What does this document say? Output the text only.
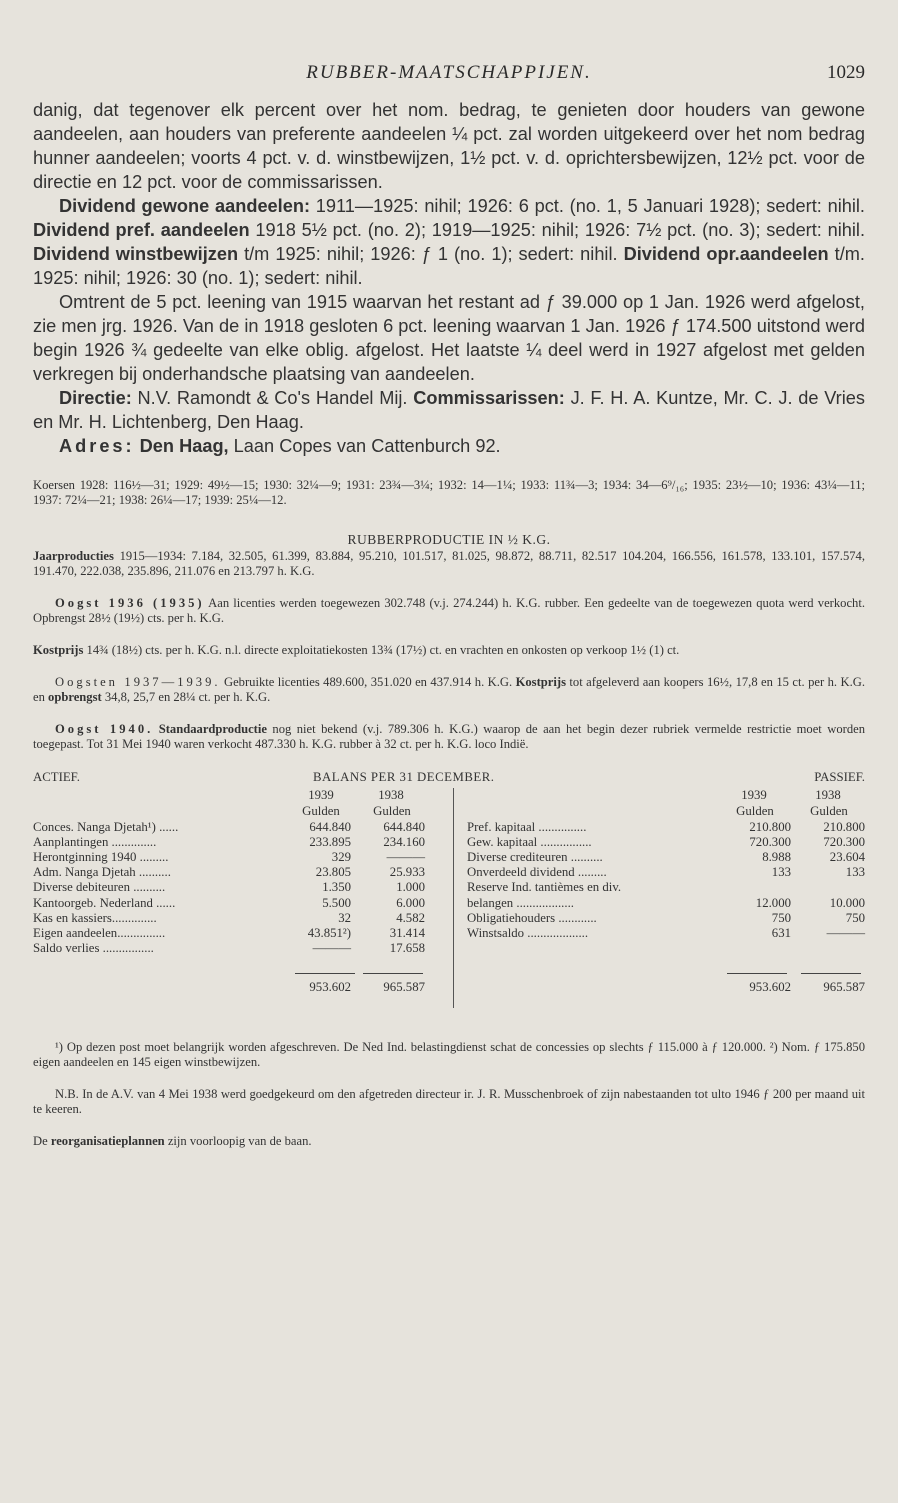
RUBBER-MAATSCHAPPIJEN.	1029

danig, dat tegenover elk percent over het nom. bedrag, te genieten door houders van gewone aandeelen, aan houders van preferente aandeelen ¼ pct. zal worden uitgekeerd over het nom bedrag hunner aandeelen; voorts 4 pct. v. d. winstbewijzen, 1½ pct. v. d. oprichtersbewijzen, 12½ pct. voor de directie en 12 pct. voor de commissarissen.

Dividend gewone aandeelen: 1911—1925: nihil; 1926: 6 pct. (no. 1, 5 Januari 1928); sedert: nihil. Dividend pref. aandeelen 1918 5½ pct. (no. 2); 1919—1925: nihil; 1926: 7½ pct. (no. 3); sedert: nihil. Dividend winstbewijzen t/m 1925: nihil; 1926: ƒ 1 (no. 1); sedert: nihil. Dividend opr.aandeelen t/m. 1925: nihil; 1926: 30 (no. 1); sedert: nihil.

Omtrent de 5 pct. leening van 1915 waarvan het restant ad ƒ 39.000 op 1 Jan. 1926 werd afgelost, zie men jrg. 1926. Van de in 1918 gesloten 6 pct. leening waarvan 1 Jan. 1926 ƒ 174.500 uitstond werd begin 1926 ¾ gedeelte van elke oblig. afgelost. Het laatste ¼ deel werd in 1927 afgelost met gelden verkregen bij onderhandsche plaatsing van aandeelen.

Directie: N.V. Ramondt & Co's Handel Mij. Commissarissen: J. F. H. A. Kuntze, Mr. C. J. de Vries en Mr. H. Lichtenberg, Den Haag.

Adres: Den Haag, Laan Copes van Cattenburch 92.

Koersen 1928: 116½—31; 1929: 49½—15; 1930: 32¼—9; 1931: 23¾—3¼; 1932: 14—1¼; 1933: 11¾—3; 1934: 34—6⁹/₁₆; 1935: 23½—10; 1936: 43¼—11; 1937: 72¼—21; 1938: 26¼—17; 1939: 25¼—12.

RUBBERPRODUCTIE IN ½ K.G.

Jaarproducties 1915—1934: 7.184, 32.505, 61.399, 83.884, 95.210, 101.517, 81.025, 98.872, 88.711, 82.517 104.204, 166.556, 161.578, 133.101, 157.574, 191.470, 222.038, 235.896, 211.076 en 213.797 h. K.G.

Oogst 1936 (1935) Aan licenties werden toegewezen 302.748 (v.j. 274.244) h. K.G. rubber. Een gedeelte van de toegewezen quota werd verkocht. Opbrengst 28½ (19½) cts. per h. K.G.

Kostprijs 14¾ (18½) cts. per h. K.G. n.l. directe exploitatiekosten 13¾ (17½) ct. en vrachten en onkosten op verkoop 1½ (1) ct.

Oogsten 1937—1939. Gebruikte licenties 489.600, 351.020 en 437.914 h. K.G. Kostprijs tot afgeleverd aan koopers 16½, 17,8 en 15 ct. per h. K.G. en opbrengst 34,8, 25,7 en 28¼ ct. per h. K.G.

Oogst 1940. Standaardproductie nog niet bekend (v.j. 789.306 h. K.G.) waarop de aan het begin dezer rubriek vermelde restrictie moet worden toegepast. Tot 31 Mei 1940 waren verkocht 487.330 h. K.G. rubber à 32 ct. per h. K.G. loco Indië.

ACTIEF.	BALANS PER 31 DECEMBER.	PASSIEF.
1939	1938
Gulden	Gulden
1939	1938
Gulden	Gulden
Conces. Nanga Djetah¹) ......	644.840	644.840
Aanplantingen ..............	233.895	234.160
Herontginning 1940 .........	329	———
Adm. Nanga Djetah ..........	23.805	25.933
Diverse debiteuren ..........	1.350	1.000
Kantoorgeb. Nederland ......	5.500	6.000
Kas en kassiers..............	32	4.582
Eigen aandeelen...............	43.851²)	31.414
Saldo verlies ................	———	17.658
Pref. kapitaal ...............	210.800	210.800
Gew. kapitaal ................	720.300	720.300
Diverse crediteuren ..........	8.988	23.604
Onverdeeld dividend .........	133	133
Reserve Ind. tantièmes en div.
belangen ..................	12.000	10.000
Obligatiehouders ............	750	750
Winstsaldo ...................	631	———
953.602	965.587	953.602	965.587

¹) Op dezen post moet belangrijk worden afgeschreven. De Ned Ind. belastingdienst schat de concessies op slechts ƒ 115.000 à ƒ 120.000. ²) Nom. ƒ 175.850 eigen aandeelen en 145 eigen winstbewijzen.

N.B. In de A.V. van 4 Mei 1938 werd goedgekeurd om den afgetreden directeur ir. J. R. Musschenbroek of zijn nabestaanden tot ulto 1946 ƒ 200 per maand uit te keeren.

De reorganisatieplannen zijn voorloopig van de baan.
